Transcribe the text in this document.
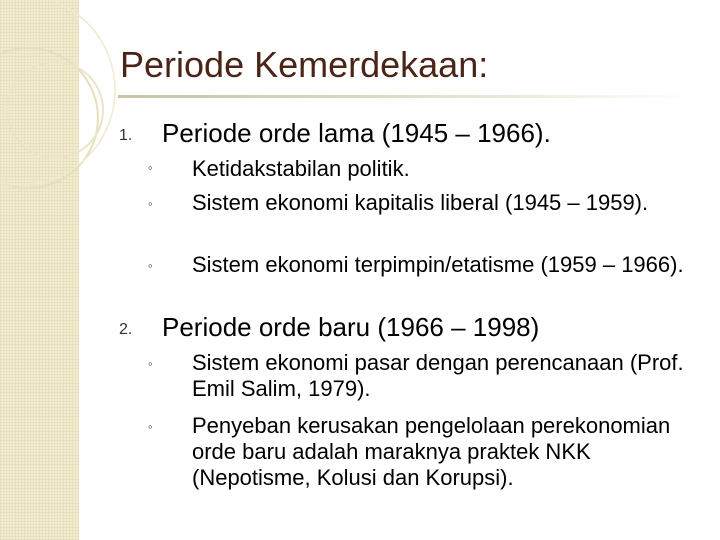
Periode Kemerdekaan:
1. Periode orde lama (1945 – 1966).
◦ Ketidakstabilan politik.
◦ Sistem ekonomi kapitalis liberal (1945 – 1959).
◦ Sistem ekonomi terpimpin/etatisme (1959 – 1966).
2. Periode orde baru (1966 – 1998)
◦ Sistem ekonomi pasar dengan perencanaan (Prof. Emil Salim, 1979).
◦ Penyeban kerusakan pengelolaan perekonomian orde baru adalah maraknya praktek NKK (Nepotisme, Kolusi dan Korupsi).
